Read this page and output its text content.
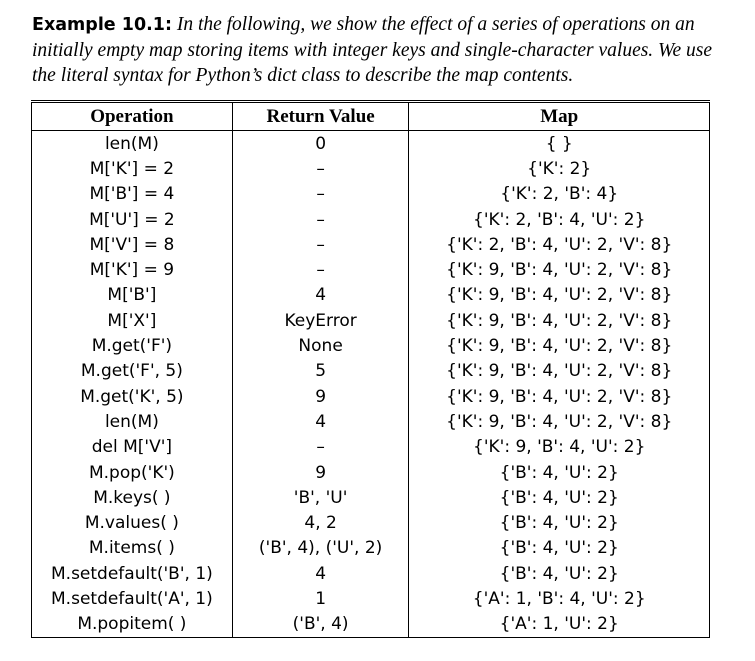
Example 10.1: In the following, we show the effect of a series of operations on an initially empty map storing items with integer keys and single-character values. We use the literal syntax for Python’s dict class to describe the map contents.
Operation	Return Value	Map
len(M)	0	{ }
M['K'] = 2	–	{'K': 2}
M['B'] = 4	–	{'K': 2, 'B': 4}
M['U'] = 2	–	{'K': 2, 'B': 4, 'U': 2}
M['V'] = 8	–	{'K': 2, 'B': 4, 'U': 2, 'V': 8}
M['K'] = 9	–	{'K': 9, 'B': 4, 'U': 2, 'V': 8}
M['B']	4	{'K': 9, 'B': 4, 'U': 2, 'V': 8}
M['X']	KeyError	{'K': 9, 'B': 4, 'U': 2, 'V': 8}
M.get('F')	None	{'K': 9, 'B': 4, 'U': 2, 'V': 8}
M.get('F', 5)	5	{'K': 9, 'B': 4, 'U': 2, 'V': 8}
M.get('K', 5)	9	{'K': 9, 'B': 4, 'U': 2, 'V': 8}
len(M)	4	{'K': 9, 'B': 4, 'U': 2, 'V': 8}
del M['V']	–	{'K': 9, 'B': 4, 'U': 2}
M.pop('K')	9	{'B': 4, 'U': 2}
M.keys( )	'B', 'U'	{'B': 4, 'U': 2}
M.values( )	4, 2	{'B': 4, 'U': 2}
M.items( )	('B', 4), ('U', 2)	{'B': 4, 'U': 2}
M.setdefault('B', 1)	4	{'B': 4, 'U': 2}
M.setdefault('A', 1)	1	{'A': 1, 'B': 4, 'U': 2}
M.popitem( )	('B', 4)	{'A': 1, 'U': 2}
